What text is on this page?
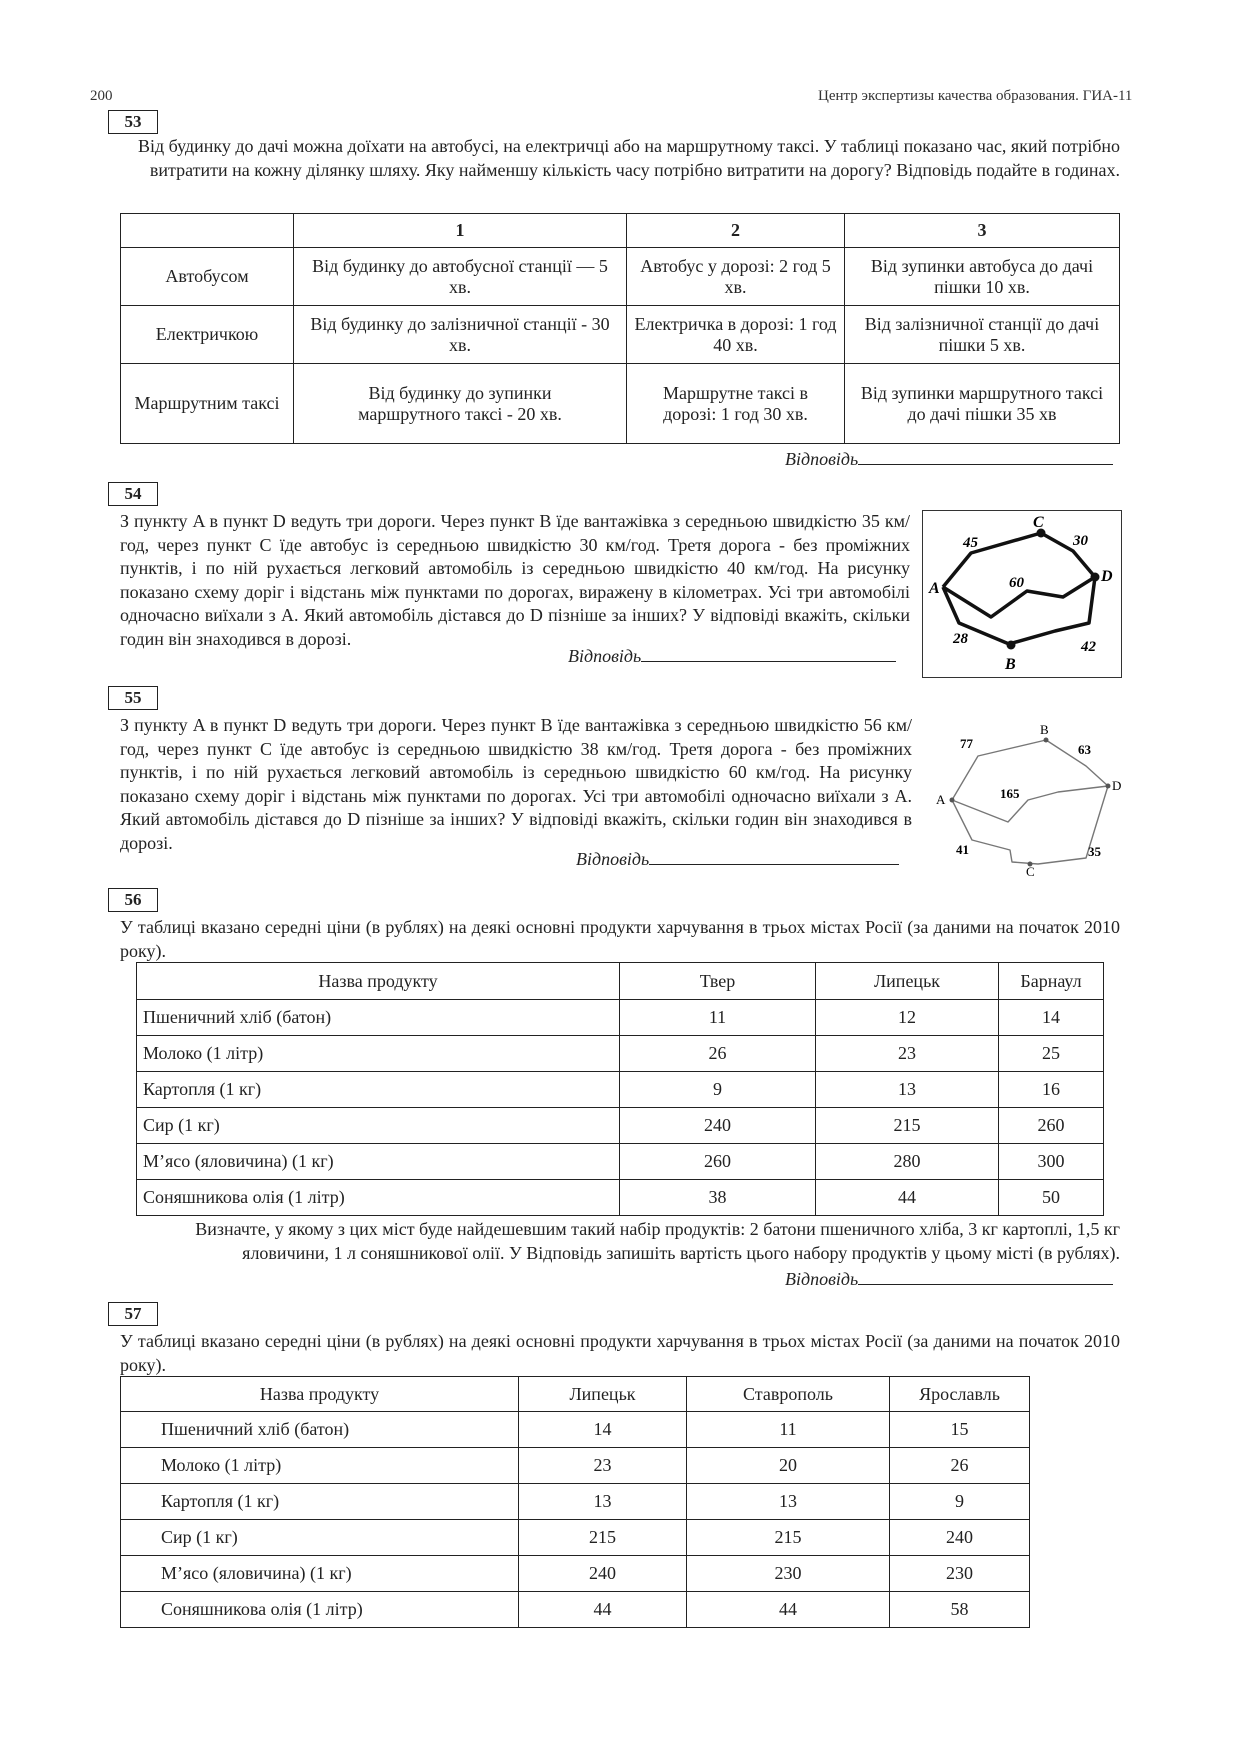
200	Центр экспертизы качества образования. ГИА-11
53
Від будинку до дачі можна доїхати на автобусі, на електричці або на маршрутному таксі. У таблиці показано час, який потрібно витратити на кожну ділянку шляху. Яку найменшу кількість часу потрібно витратити на дорогу? Відповідь подайте в годинах.
	1	2	3
Автобусом	Від будинку до автобусної станції — 5 хв.	Автобус у дорозі: 2 год 5 хв.	Від зупинки автобуса до дачі пішки 10 хв.
Електричкою	Від будинку до залізничної станції - 30 хв.	Електричка в дорозі: 1 год 40 хв.	Від залізничної станції до дачі пішки 5 хв.
Маршрутним таксі	Від будинку до зупинки маршрутного таксі - 20 хв.	Маршрутне таксі в дорозі: 1 год 30 хв.	Від зупинки маршрутного таксі до дачі пішки 35 хв
Відповідь
54
З пункту A в пункт D ведуть три дороги. Через пункт B їде вантажівка з середньою швидкістю 35 км/год, через пункт C їде автобус із середньою швидкістю 30 км/год. Третя дорога - без проміжних пунктів, і по ній рухається легковий автомобіль із середньою швидкістю 40 км/год. На рисунку показано схему доріг і відстань між пунктами по дорогах, виражену в кілометрах. Усі три автомобілі одночасно виїхали з A. Який автомобіль дістався до D пізніше за інших? У відповіді вкажіть, скільки годин він знаходився в дорозі.
Відповідь
A
C
D
B
45	30
60
28	42
55
З пункту A в пункт D ведуть три дороги. Через пункт B їде вантажівка з середньою швидкістю 56 км/год, через пункт C їде автобус із середньою швидкістю 38 км/год. Третя дорога - без проміжних пунктів, і по ній рухається легковий автомобіль із середньою швидкістю 60 км/год. На рисунку показано схему доріг і відстань між пунктами по дорогах. Усі три автомобілі одночасно виїхали з A. Який автомобіль дістався до D пізніше за інших? У відповіді вкажіть, скільки годин він знаходився в дорозі.
Відповідь
A
B
D
C
77	63
165
41	35
56
У таблиці вказано середні ціни (в рублях) на деякі основні продукти харчування в трьох містах Росії (за даними на початок 2010 року).
Назва продукту	Твер	Липецьк	Барнаул
Пшеничний хліб (батон)	11	12	14
Молоко (1 літр)	26	23	25
Картопля (1 кг)	9	13	16
Сир (1 кг)	240	215	260
М’ясо (яловичина) (1 кг)	260	280	300
Соняшникова олія (1 літр)	38	44	50
Визначте, у якому з цих міст буде найдешевшим такий набір продуктів: 2 батони пшеничного хліба, 3 кг картоплі, 1,5 кг яловичини, 1 л соняшникової олії. У Відповідь запишіть вартість цього набору продуктів у цьому місті (в рублях).
Відповідь
57
У таблиці вказано середні ціни (в рублях) на деякі основні продукти харчування в трьох містах Росії (за даними на початок 2010 року).
Назва продукту	Липецьк	Ставрополь	Ярославль
Пшеничний хліб (батон)	14	11	15
Молоко (1 літр)	23	20	26
Картопля (1 кг)	13	13	9
Сир (1 кг)	215	215	240
М’ясо (яловичина) (1 кг)	240	230	230
Соняшникова олія (1 літр)	44	44	58
